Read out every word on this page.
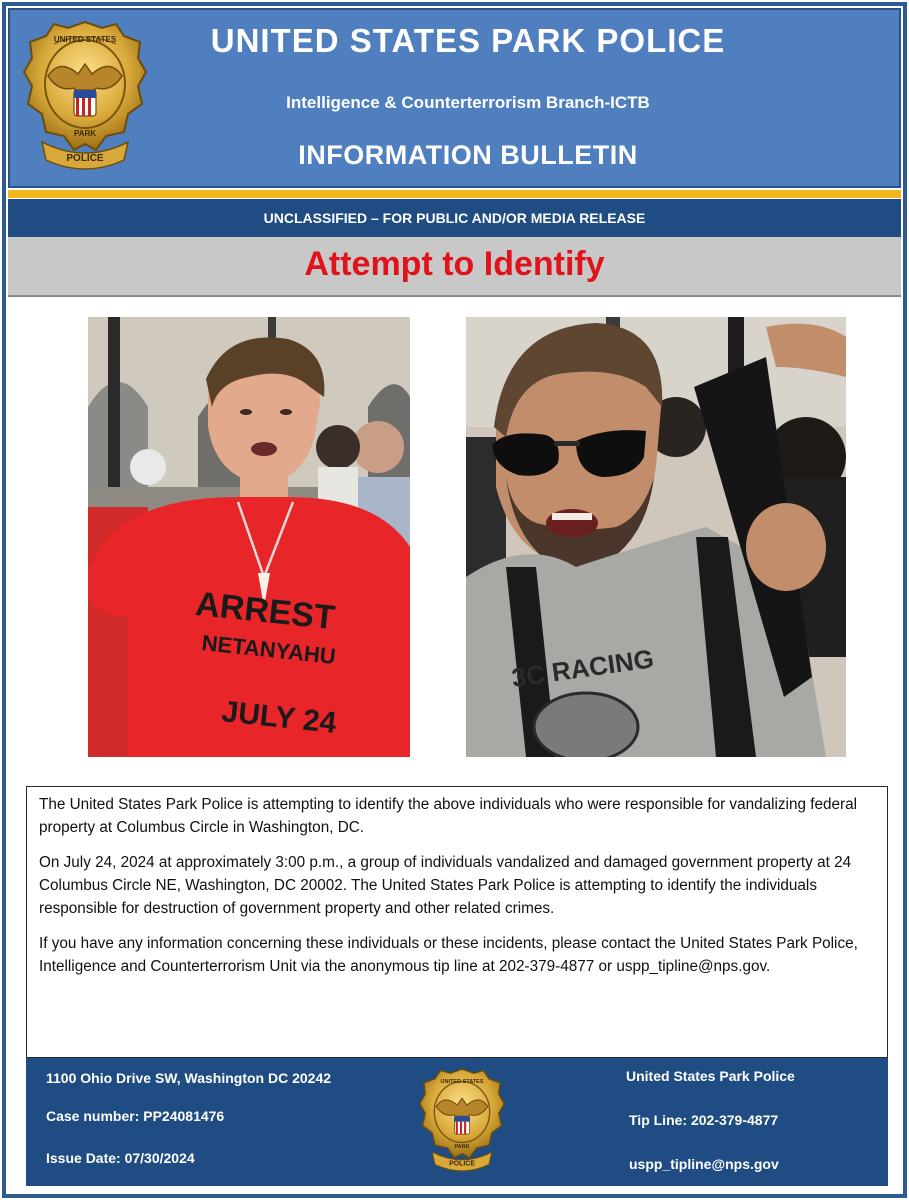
UNITED STATES
PARK
POLICE
UNITED STATES PARK POLICE
Intelligence & Counterterrorism Branch-ICTB
INFORMATION BULLETIN
UNCLASSIFIED – FOR PUBLIC AND/OR MEDIA RELEASE
Attempt to Identify
ARREST
NETANYAHU
JULY 24
3C RACING

The United States Park Police is attempting to identify the above individuals who were responsible for vandalizing federal property at Columbus Circle in Washington, DC.

On July 24, 2024 at approximately 3:00 p.m., a group of individuals vandalized and damaged government property at 24 Columbus Circle NE, Washington, DC 20002. The United States Park Police is attempting to identify the individuals responsible for destruction of government property and other related crimes.

If you have any information concerning these individuals or these incidents, please contact the United States Park Police, Intelligence and Counterterrorism Unit via the anonymous tip line at 202-379-4877 or uspp_tipline@nps.gov.

1100 Ohio Drive SW, Washington DC 20242
Case number: PP24081476
Issue Date: 07/30/2024
UNITED STATES
PARK
POLICE
United States Park Police
Tip Line: 202-379-4877
uspp_tipline@nps.gov
